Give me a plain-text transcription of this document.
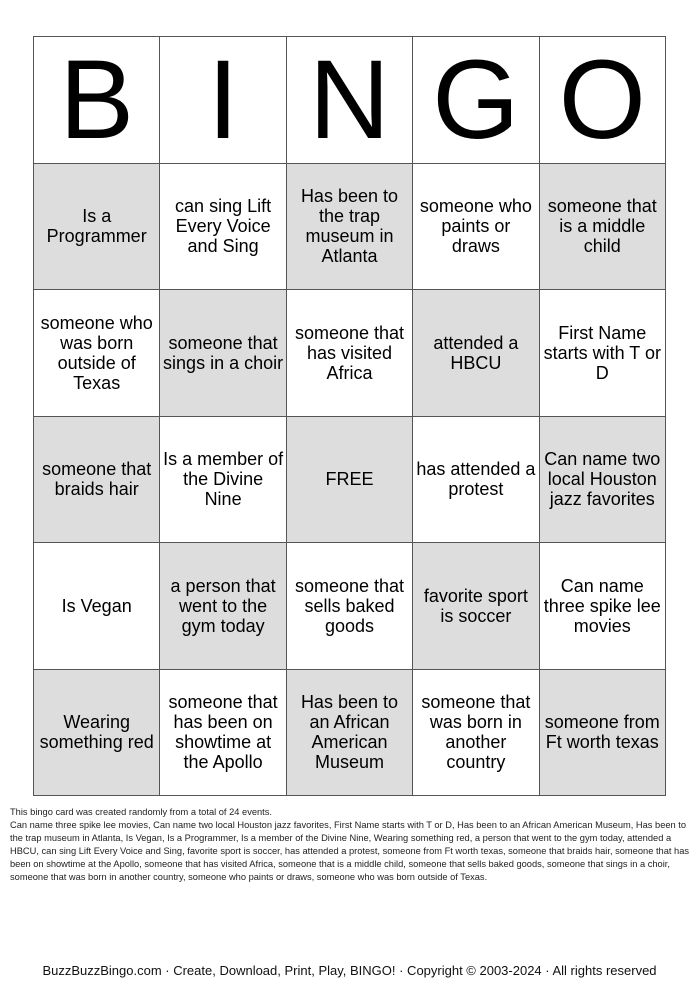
B	I	N	G	O
Is a Programmer	can sing Lift Every Voice and Sing	Has been to the trap museum in Atlanta	someone who paints or draws	someone that is a middle child
someone who was born outside of Texas	someone that sings in a choir	someone that has visited Africa	attended a HBCU	First Name starts with T or D
someone that braids hair	Is a member of the Divine Nine	FREE	has attended a protest	Can name two local Houston jazz favorites
Is Vegan	a person that went to the gym today	someone that sells baked goods	favorite sport is soccer	Can name three spike lee movies
Wearing something red	someone that has been on showtime at the Apollo	Has been to an African American Museum	someone that was born in another country	someone from Ft worth texas

This bingo card was created randomly from a total of 24 events.

Can name three spike lee movies, Can name two local Houston jazz favorites, First Name starts with T or D, Has been to an African American Museum, Has been to the trap museum in Atlanta, Is Vegan, Is a Programmer, Is a member of the Divine Nine, Wearing something red, a person that went to the gym today, attended a HBCU, can sing Lift Every Voice and Sing, favorite sport is soccer, has attended a protest, someone from Ft worth texas, someone that braids hair, someone that has been on showtime at the Apollo, someone that has visited Africa, someone that is a middle child, someone that sells baked goods, someone that sings in a choir, someone that was born in another country, someone who paints or draws, someone who was born outside of Texas.

BuzzBuzzBingo.com · Create, Download, Print, Play, BINGO! · Copyright © 2003-2024 · All rights reserved
